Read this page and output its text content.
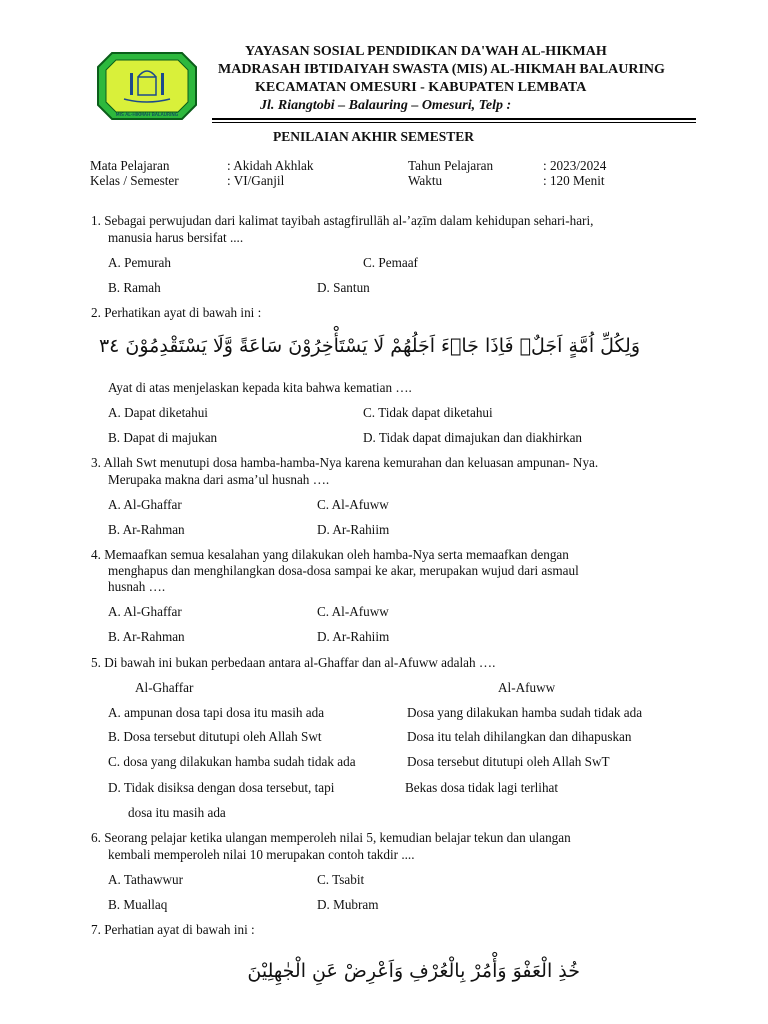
MIS AL-HIKMAH BALAURING
YAYASAN SOSIAL PENDIDIKAN DA'WAH AL-HIKMAH
MADRASAH IBTIDAIYAH SWASTA (MIS) AL-HIKMAH BALAURING
KECAMATAN OMESURI - KABUPATEN LEMBATA
Jl. Riangtobi – Balauring – Omesuri, Telp :
PENILAIAN AKHIR SEMESTER
Mata Pelajaran	: Akidah Akhlak	Tahun Pelajaran	: 2023/2024
Kelas / Semester	: VI/Ganjil	Waktu	: 120 Menit
1. Sebagai perwujudan dari kalimat tayibah astagfirullāh al-’aẓīm dalam kehidupan sehari-hari,
manusia harus bersifat ....
A. Pemurah	C. Pemaaf
B. Ramah	D. Santun
2. Perhatikan ayat di bawah ini :
وَلِكُلِّ اُمَّةٍ اَجَلٌۚ فَاِذَا جَاۤءَ اَجَلُهُمْ لَا يَسْتَأْخِرُوْنَ سَاعَةً وَّلَا يَسْتَقْدِمُوْنَ ٣٤
Ayat di atas menjelaskan kepada kita bahwa kematian ….
A. Dapat diketahui	C. Tidak dapat diketahui
B. Dapat di majukan	D. Tidak dapat dimajukan dan diakhirkan
3. Allah Swt menutupi dosa hamba-hamba-Nya karena kemurahan dan keluasan ampunan- Nya.
Merupaka makna dari asma’ul husnah ….
A. Al-Ghaffar	C. Al-Afuww
B. Ar-Rahman	D. Ar-Rahiim
4. Memaafkan semua kesalahan yang dilakukan oleh hamba-Nya serta memaafkan dengan
menghapus dan menghilangkan dosa-dosa sampai ke akar, merupakan wujud dari asmaul
husnah ….
A. Al-Ghaffar	C. Al-Afuww
B. Ar-Rahman	D. Ar-Rahiim
5. Di bawah ini bukan perbedaan antara al-Ghaffar dan al-Afuww adalah ….
Al-Ghaffar	Al-Afuww
A. ampunan dosa tapi dosa itu masih ada	Dosa yang dilakukan hamba sudah tidak ada
B. Dosa tersebut ditutupi oleh Allah Swt	Dosa itu telah dihilangkan dan dihapuskan
C. dosa yang dilakukan hamba sudah tidak ada	Dosa tersebut ditutupi oleh Allah SwT
D. Tidak disiksa dengan dosa tersebut, tapi	Bekas dosa tidak lagi terlihat
dosa itu masih ada
6. Seorang pelajar ketika ulangan memperoleh nilai 5, kemudian belajar tekun dan ulangan
kembali memperoleh nilai 10 merupakan contoh takdir ....
A. Tathawwur	C. Tsabit
B. Muallaq	D. Mubram
7. Perhatian ayat di bawah ini :
خُذِ الْعَفْوَ وَأْمُرْ بِالْعُرْفِ وَاَعْرِضْ عَنِ الْجٰهِلِيْنَ
